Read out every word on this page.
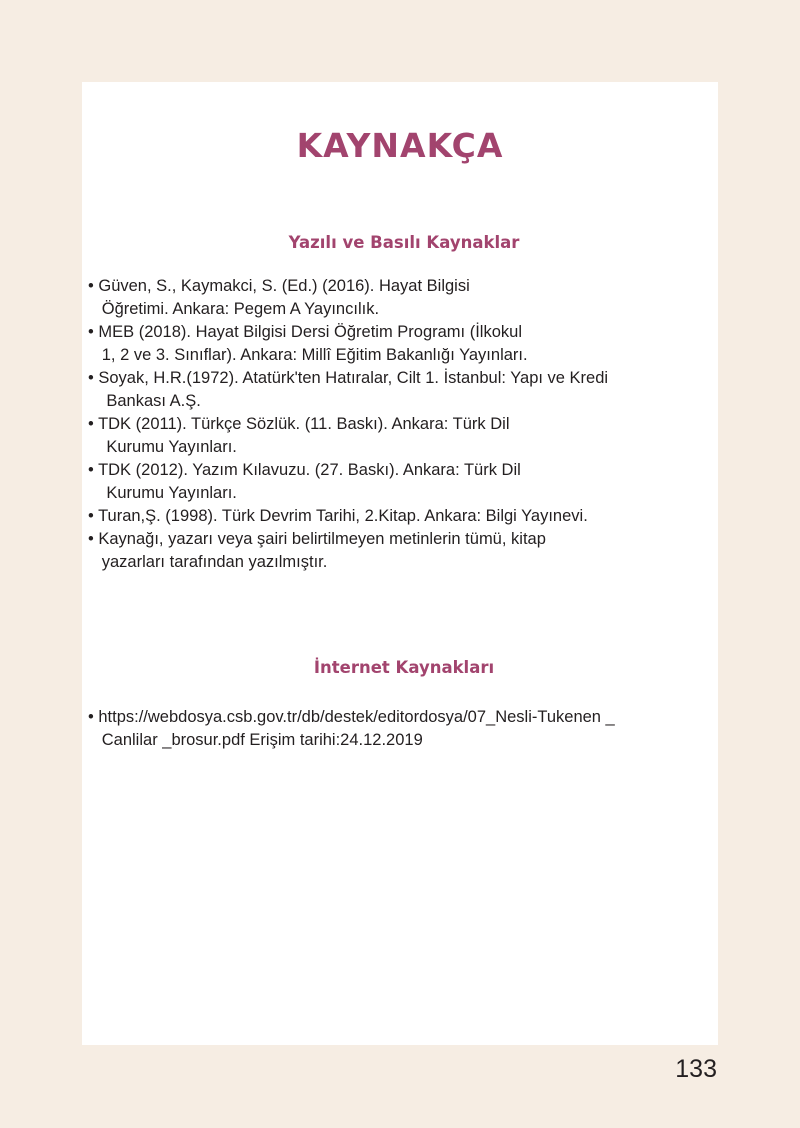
KAYNAKÇA
Yazılı ve Basılı Kaynaklar
• Güven, S., Kaymakci, S. (Ed.) (2016). Hayat Bilgisi
Öğretimi. Ankara: Pegem A Yayıncılık.
• MEB (2018). Hayat Bilgisi Dersi Öğretim Programı (İlkokul
1, 2 ve 3. Sınıflar). Ankara: Millî Eğitim Bakanlığı Yayınları.
• Soyak, H.R.(1972). Atatürk'ten Hatıralar, Cilt 1. İstanbul: Yapı ve Kredi
Bankası A.Ş.
• TDK (2011). Türkçe Sözlük. (11. Baskı). Ankara: Türk Dil
Kurumu Yayınları.
• TDK (2012). Yazım Kılavuzu. (27. Baskı). Ankara: Türk Dil
Kurumu Yayınları.
• Turan,Ş. (1998). Türk Devrim Tarihi, 2.Kitap. Ankara: Bilgi Yayınevi.
• Kaynağı, yazarı veya şairi belirtilmeyen metinlerin tümü, kitap
yazarları tarafından yazılmıştır.
İnternet Kaynakları
• https://webdosya.csb.gov.tr/db/destek/editordosya/07_Nesli-Tukenen _
Canlilar _brosur.pdf Erişim tarihi:24.12.2019
133
